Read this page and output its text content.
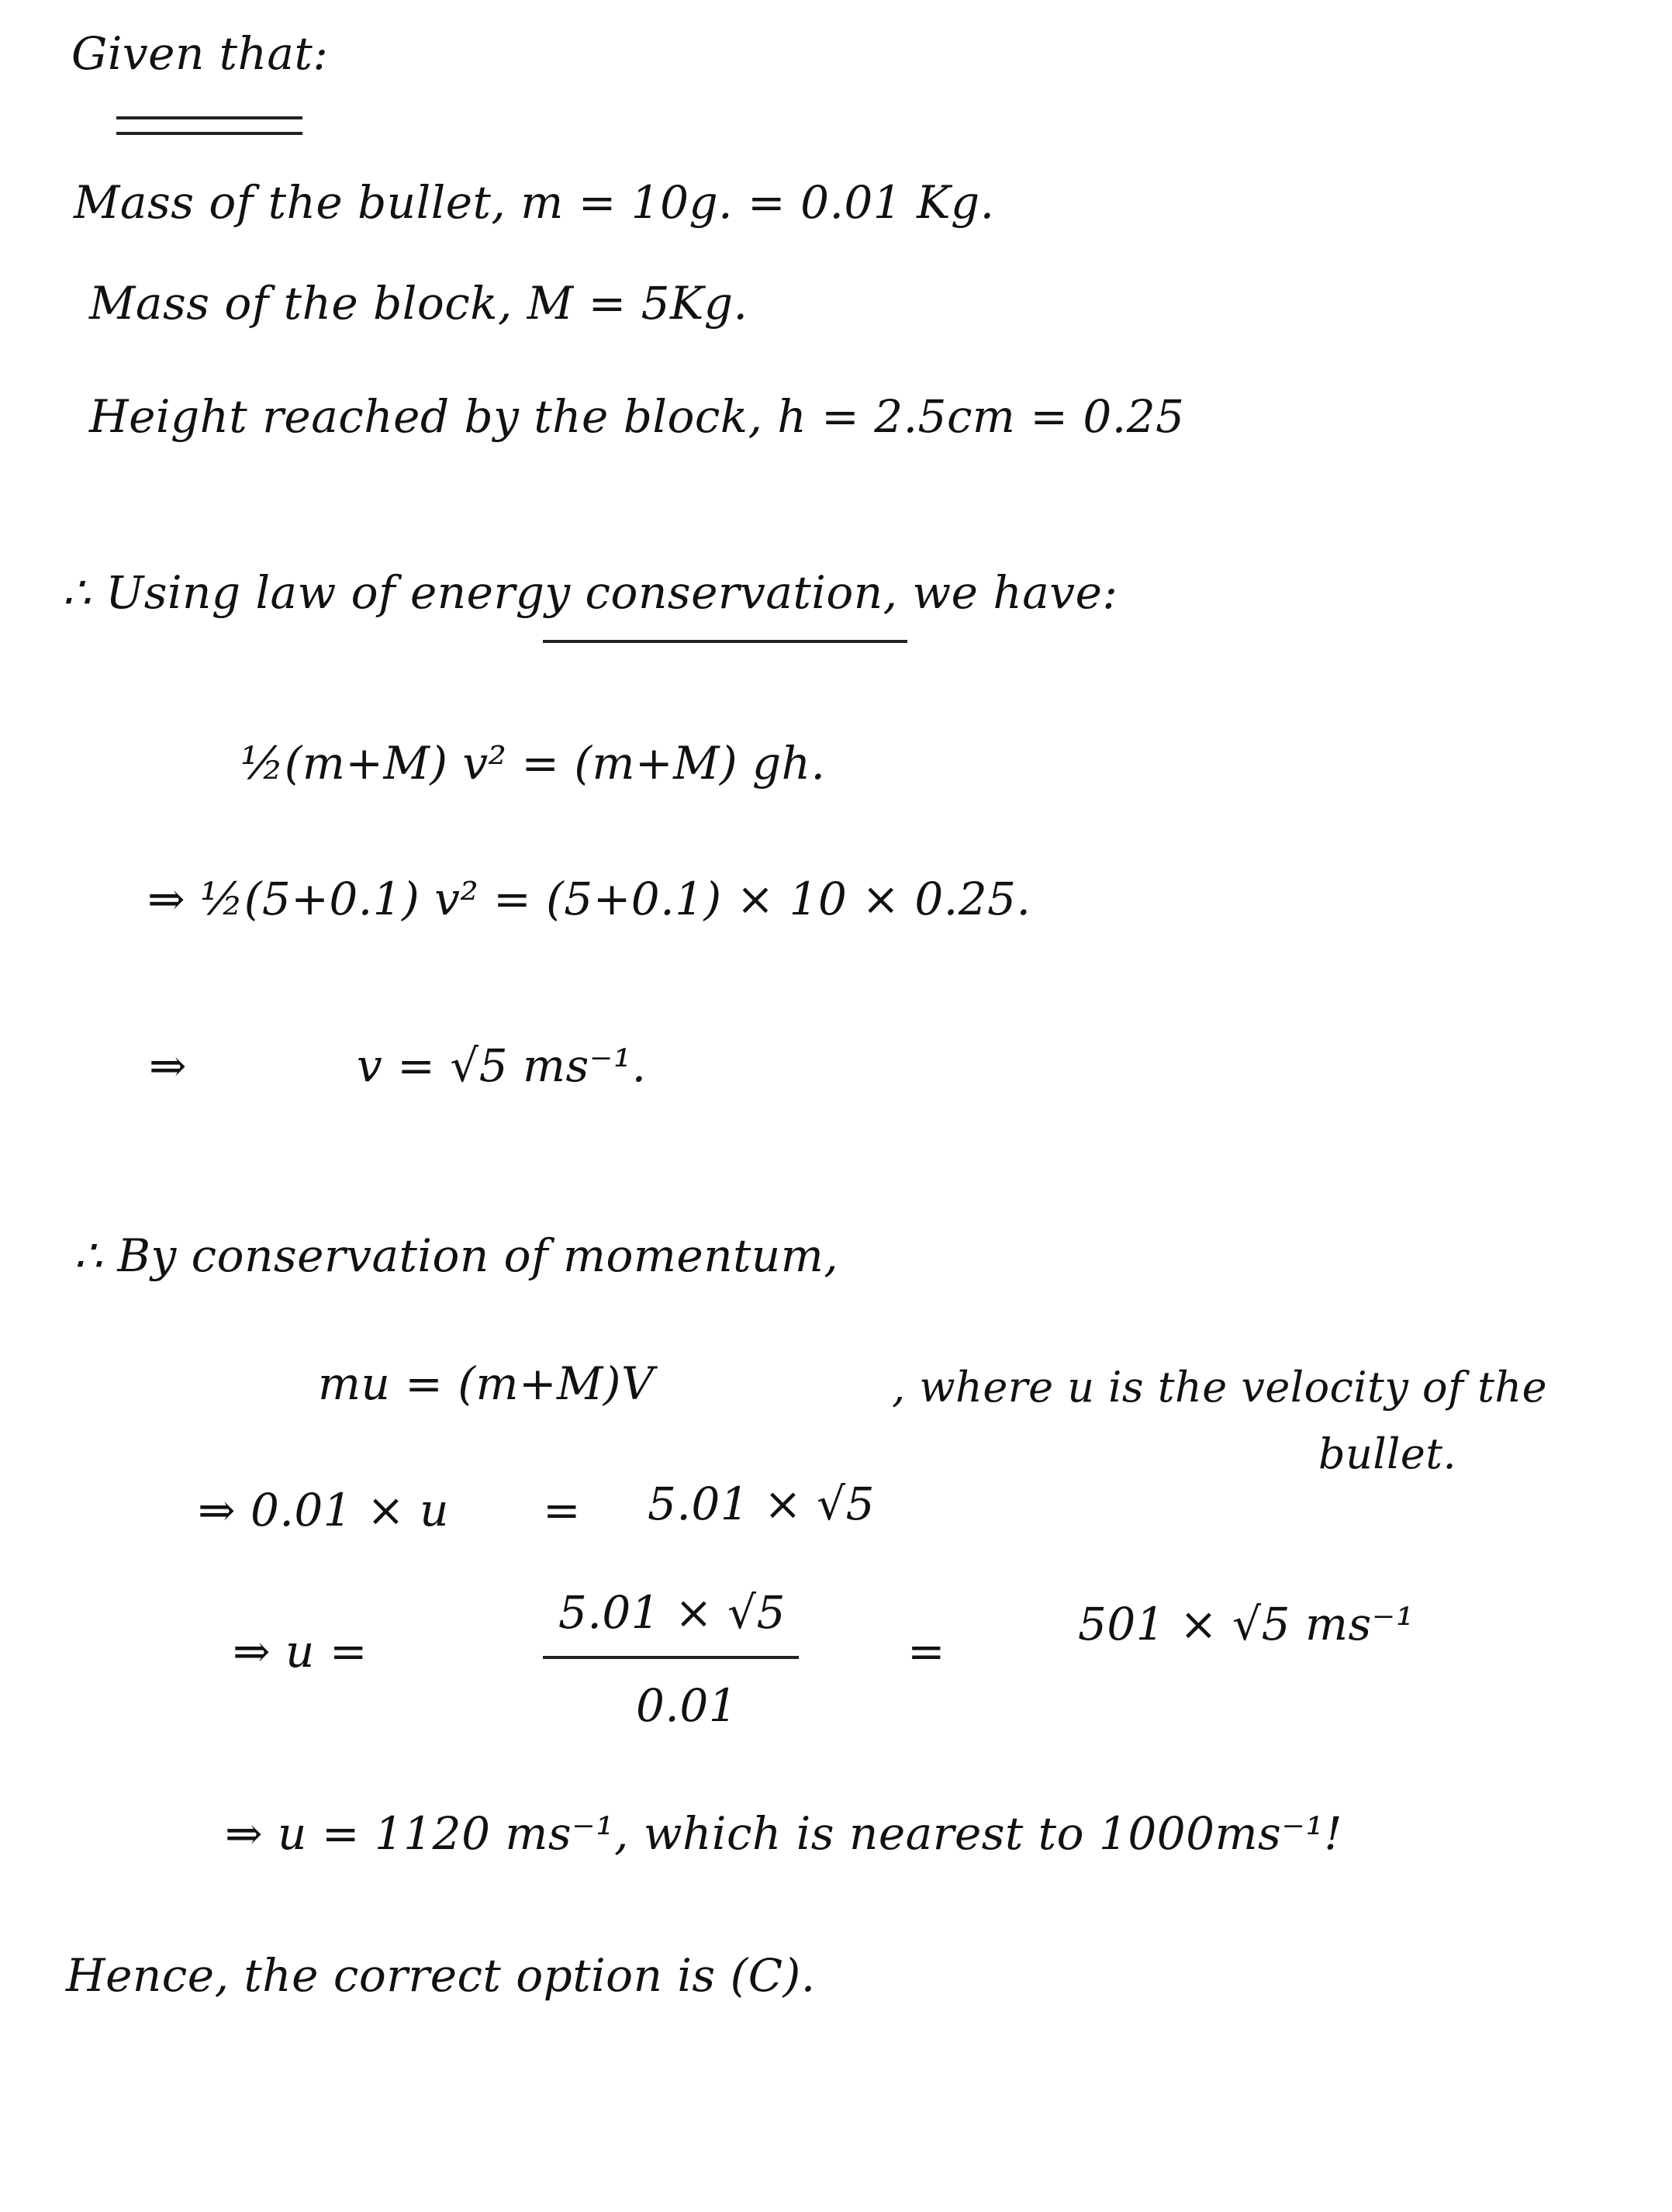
Given that:
Mass of the bullet, m = 10g. = 0.01 Kg.
Mass of the block, M = 5Kg.
Height reached by the block, h = 2.5cm = 0.25
∴ Using law of energy conservation, we have:
½(m+M) v² = (m+M) gh.
⇒ ½(5+0.1) v² = (5+0.1) × 10 × 0.25.
⇒	v = √5 ms⁻¹.
∴ By conservation of momentum,
mu = (m+M)V	, where u is the velocity of the
bullet.
⇒ 0.01 × u = 5.01 × √5
⇒ u =
5.01 × √5
0.01
=
501 × √5 ms⁻¹
⇒ u = 1120 ms⁻¹, which is nearest to 1000ms⁻¹!
Hence, the correct option is (C).
